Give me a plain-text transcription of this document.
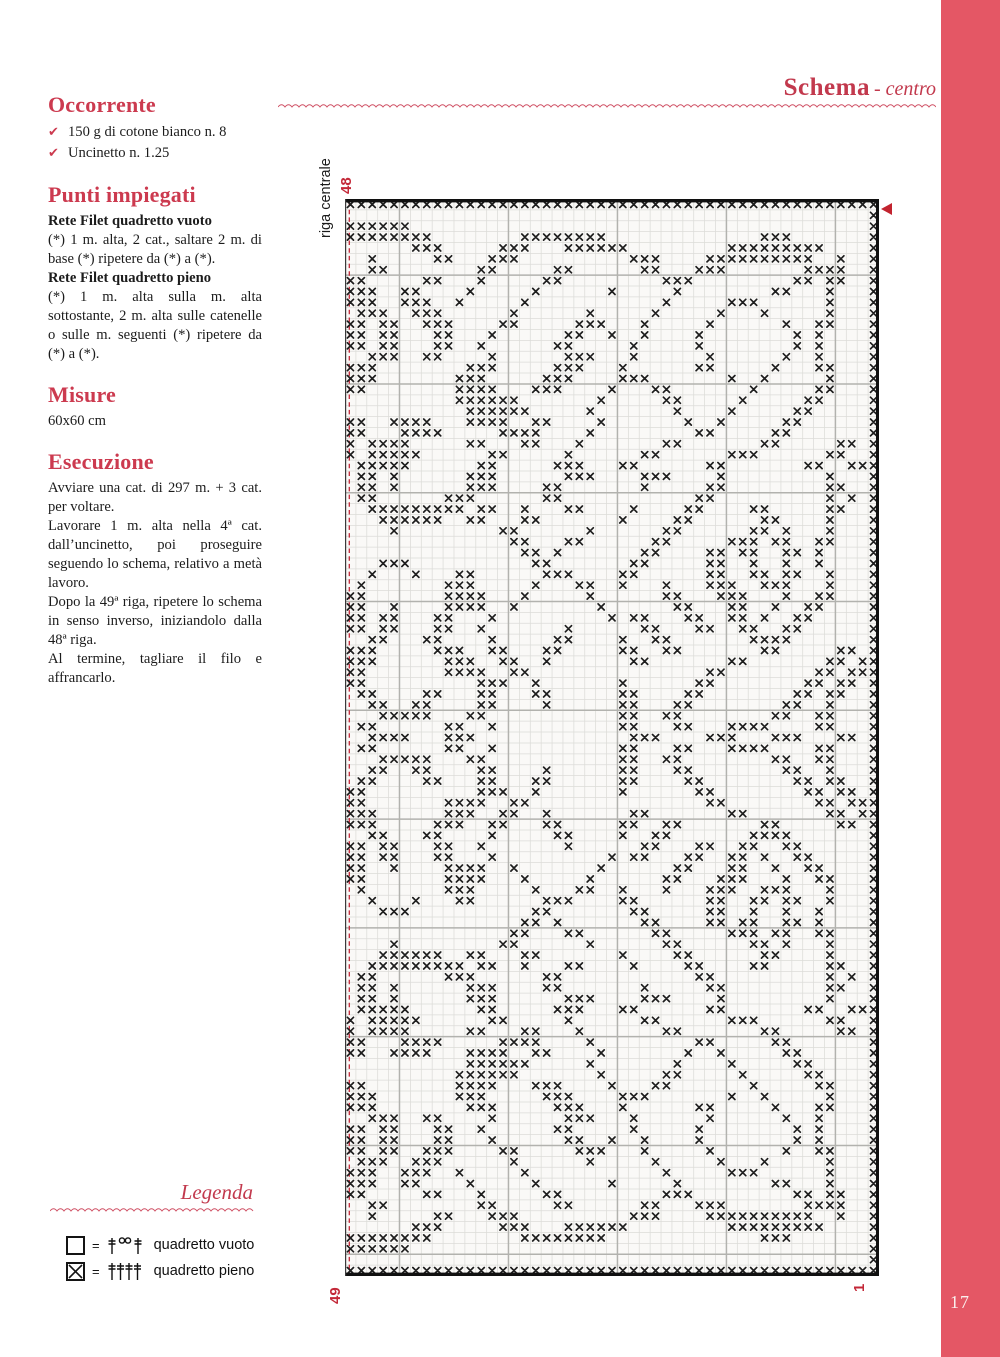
17
Schema - centro
Occorrente
✔ 150 g di cotone bianco n. 8
✔ Uncinetto n. 1.25
Punti impiegati

Rete Filet quadretto vuoto

(*) 1 m. alta, 2 cat., saltare 2 m. di base (*) ripetere da (*) a (*).

Rete Filet quadretto pieno

(*) 1 m. alta sulla m. alta sottostante, 2 m. alta sulle catenelle o sulle m. seguenti (*) ripetere da (*) a (*).

Misure

60x60 cm

Esecuzione

Avviare una cat. di 297 m. + 3 cat. per voltare.

Lavorare 1 m. alta nella 4ª cat. dall’uncinetto, poi proseguire seguendo lo schema, relativo a metà lavoro.

Dopo la 49ª riga, ripetere lo schema in senso inverso, iniziandolo dalla 48ª riga.

Al termine, tagliare il filo e affrancarlo.

Legenda
=	quadretto vuoto
=	quadretto pieno
riga centrale 48
49	1
